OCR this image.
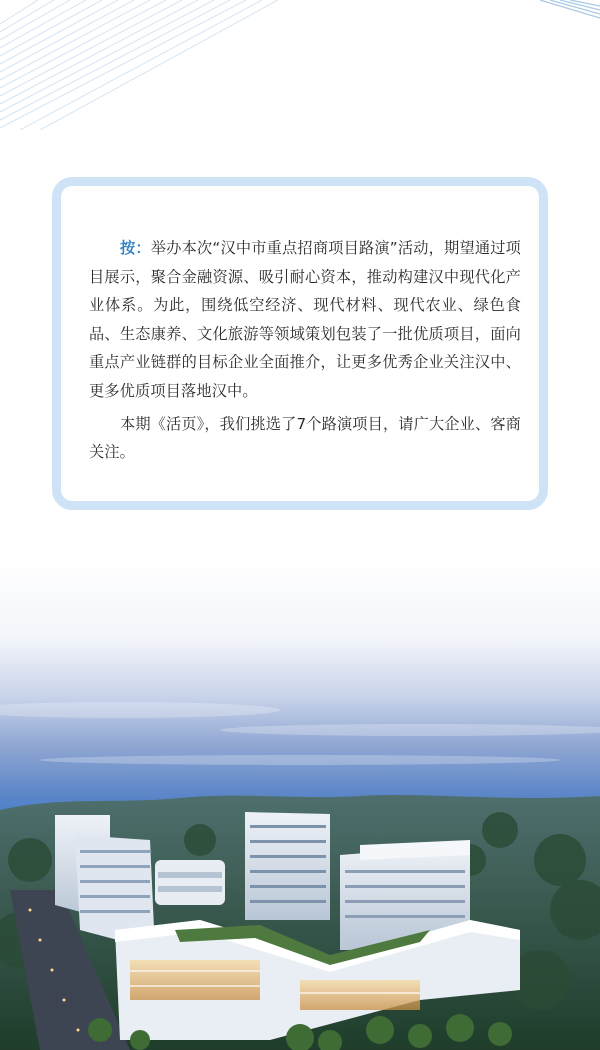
按：举办本次“汉中市重点招商项目路演”活动，期望通过项目展示，聚合金融资源、吸引耐心资本，推动构建汉中现代化产业体系。为此，围绕低空经济、现代材料、现代农业、绿色食品、生态康养、文化旅游等领域策划包装了一批优质项目，面向重点产业链群的目标企业全面推介，让更多优秀企业关注汉中、更多优质项目落地汉中。

本期《活页》，我们挑选了7个路演项目，请广大企业、客商关注。
